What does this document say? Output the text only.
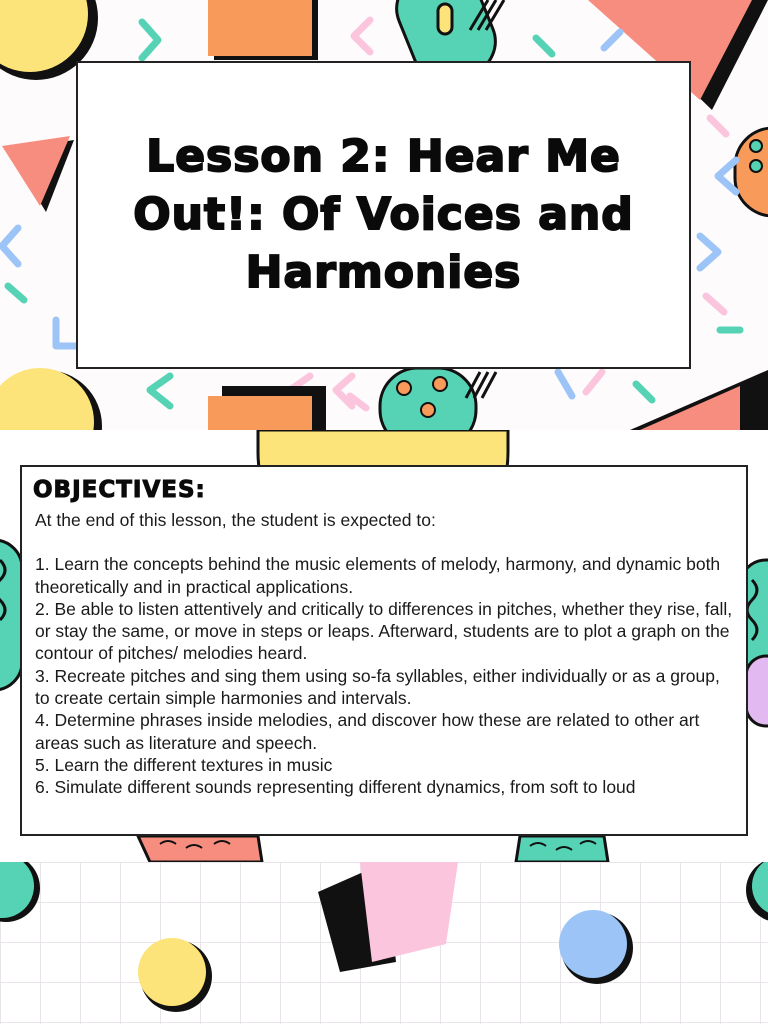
Lesson 2: Hear Me Out!: Of Voices and Harmonies
OBJECTIVES:

At the end of this lesson, the student is expected to:

1. Learn the concepts behind the music elements of melody, harmony, and dynamic both theoretically and in practical applications.
2. Be able to listen attentively and critically to differences in pitches, whether they rise, fall, or stay the same, or move in steps or leaps. Afterward, students are to plot a graph on the contour of pitches/ melodies heard.
3. Recreate pitches and sing them using so-fa syllables, either individually or as a group, to create certain simple harmonies and intervals.
4. Determine phrases inside melodies, and discover how these are related to other art areas such as literature and speech.
5. Learn the different textures in music
6. Simulate different sounds representing different dynamics, from soft to loud
